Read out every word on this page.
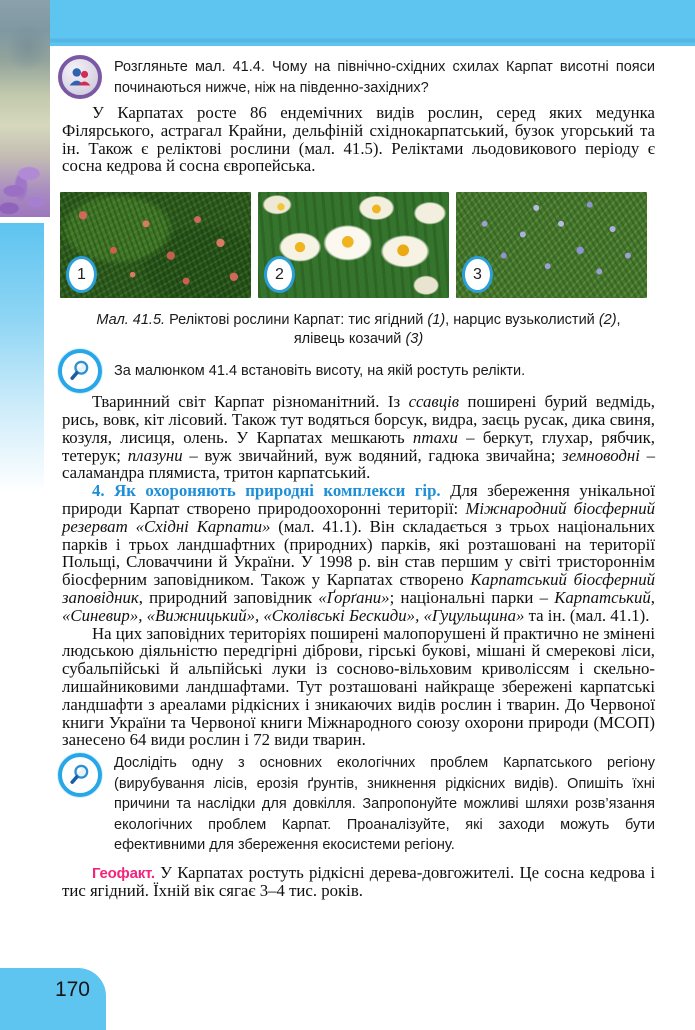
Розгляньте мал. 41.4. Чому на північно-східних схилах Карпат висотні пояси починаються нижче, ніж на південно-західних?

У Карпатах росте 86 ендемічних видів рослин, серед яких медунка Філярського, астрагал Крайни, дельфіній східнокарпатський, бузок угорський та ін. Також є реліктові рослини (мал. 41.5). Реліктами льодовикового періоду є сосна кедрова й сосна європейська.

1	2	3
Мал. 41.5. Реліктові рослини Карпат: тис ягідний (1), нарцис вузьколистий (2),
ялівець козачий (3)
За малюнком 41.4 встановіть висоту, на якій ростуть релікти.

Тваринний світ Карпат різноманітний. Із ссавців поширені бурий ведмідь, рись, вовк, кіт лісовий. Також тут водяться борсук, видра, заєць русак, дика свиня, козуля, лисиця, олень. У Карпатах мешкають птахи – беркут, глухар, рябчик, тетерук; плазуни – вуж звичайний, вуж водяний, гадюка звичайна; земноводні – саламандра плямиста, тритон карпатський.

4. Як охороняють природні комплекси гір. Для збереження унікальної природи Карпат створено природоохоронні території: Міжнародний біосферний резерват «Східні Карпати» (мал. 41.1). Він складається з трьох національних парків і трьох ландшафтних (природних) парків, які розташовані на території Польщі, Словаччини й України. У 1998 р. він став першим у світі тристороннім біосферним заповідником. Також у Карпатах створено Карпатський біосферний заповідник, природний заповідник «Ґорґани»; національні парки – Карпатський, «Синевир», «Вижницький», «Сколівські Бескиди», «Гуцульщина» та ін. (мал. 41.1).

На цих заповідних територіях поширені малопорушені й практично не змінені людською діяльністю передгірні діброви, гірські букові, мішані й смерекові ліси, субальпійські й альпійські луки із сосново-вільховим криволіссям і скельно-лишайниковими ландшафтами. Тут розташовані найкраще збережені карпатські ландшафти з ареалами рідкісних і зникаючих видів рослин і тварин. До Червоної книги України та Червоної книги Міжнародного союзу охорони природи (МСОП) занесено 64 види рослин і 72 види тварин.

Дослідіть одну з основних екологічних проблем Карпатського регіону (вирубування лісів, ерозія ґрунтів, зникнення рідкісних видів). Опишіть їхні причини та наслідки для довкілля. Запропонуйте можливі шляхи розв’язання екологічних проблем Карпат. Проаналізуйте, які заходи можуть бути ефективними для збереження екосистеми регіону.

Геофакт. У Карпатах ростуть рідкісні дерева-довгожителі. Це сосна кедрова і тис ягідний. Їхній вік сягає 3–4 тис. років.

170
